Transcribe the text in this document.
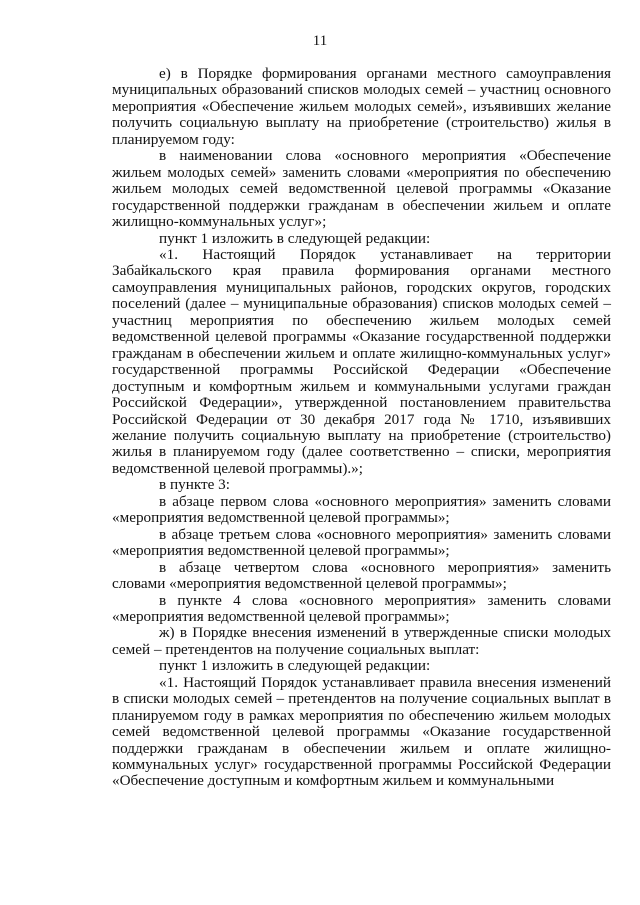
11

е) в Порядке формирования органами местного самоуправления муниципальных образований списков молодых семей – участниц основного мероприятия «Обеспечение жильем молодых семей», изъявивших желание получить социальную выплату на приобретение (строительство) жилья в планируемом году:

в наименовании слова «основного мероприятия «Обеспечение жильем молодых семей» заменить словами «мероприятия по обеспечению жильем молодых семей ведомственной целевой программы «Оказание государственной поддержки гражданам в обеспечении жильем и оплате жилищно-коммунальных услуг»;

пункт 1 изложить в следующей редакции:

«1. Настоящий Порядок устанавливает на территории Забайкальского края правила формирования органами местного самоуправления муниципальных районов, городских округов, городских поселений (далее – муниципальные образования) списков молодых семей – участниц мероприятия по обеспечению жильем молодых семей ведомственной целевой программы «Оказание государственной поддержки гражданам в обеспечении жильем и оплате жилищно-коммунальных услуг» государственной программы Российской Федерации «Обеспечение доступным и комфортным жильем и коммунальными услугами граждан Российской Федерации», утвержденной постановлением правительства Российской Федерации от 30 декабря 2017 года № 1710, изъявивших желание получить социальную выплату на приобретение (строительство) жилья в планируемом году (далее соответственно – списки, мероприятия ведомственной целевой программы).»;

в пункте 3:

в абзаце первом слова «основного мероприятия» заменить словами «мероприятия ведомственной целевой программы»;

в абзаце третьем слова «основного мероприятия» заменить словами «мероприятия ведомственной целевой программы»;

в абзаце четвертом слова «основного мероприятия» заменить словами «мероприятия ведомственной целевой программы»;

в пункте 4 слова «основного мероприятия» заменить словами «мероприятия ведомственной целевой программы»;

ж) в Порядке внесения изменений в утвержденные списки молодых семей – претендентов на получение социальных выплат:

пункт 1 изложить в следующей редакции:

«1. Настоящий Порядок устанавливает правила внесения изменений в списки молодых семей – претендентов на получение социальных выплат в планируемом году в рамках мероприятия по обеспечению жильем молодых семей ведомственной целевой программы «Оказание государственной поддержки гражданам в обеспечении жильем и оплате жилищно-коммунальных услуг» государственной программы Российской Федерации «Обеспечение доступным и комфортным жильем и коммунальными
